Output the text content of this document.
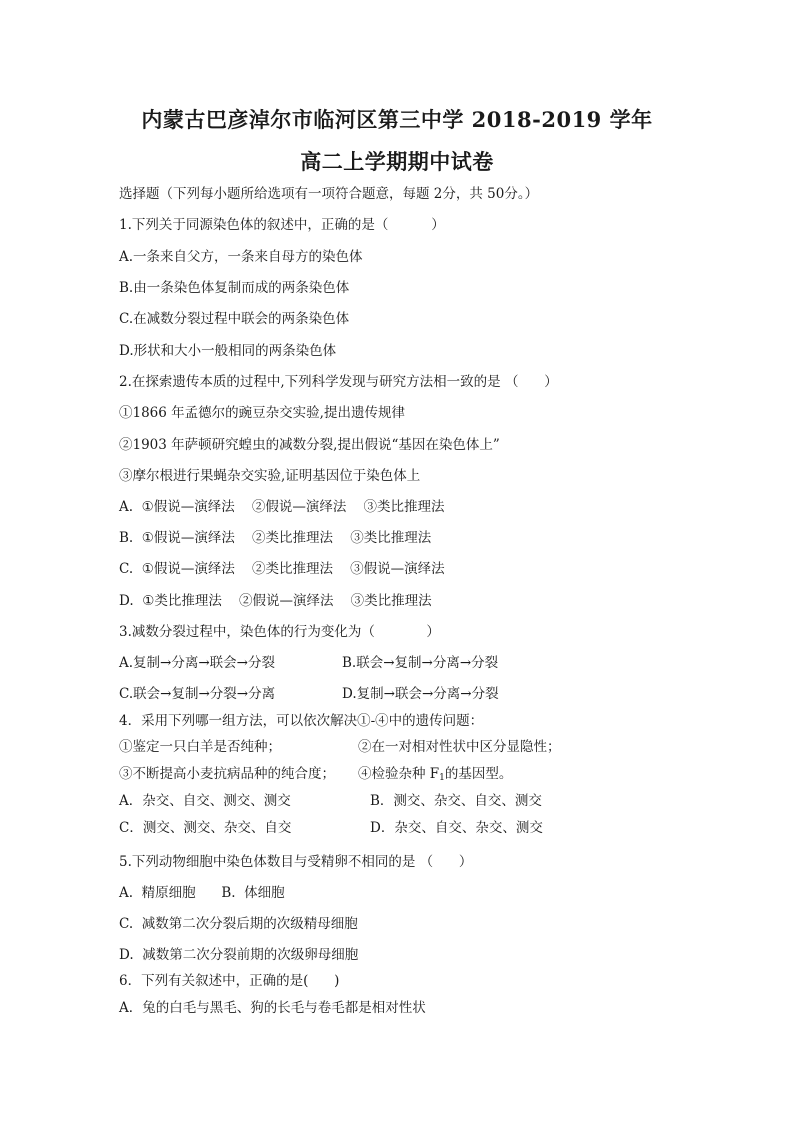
内蒙古巴彦淖尔市临河区第三中学 2018-2019 学年
高二上学期期中试卷
选择题（下列每小题所给选项有一项符合题意，每题 2分，共 50分。）
1.下列关于同源染色体的叙述中，正确的是（          ）
A.一条来自父方，一条来自母方的染色体
B.由一条染色体复制而成的两条染色体
C.在减数分裂过程中联会的两条染色体
D.形状和大小一般相同的两条染色体
2.在探索遗传本质的过程中,下列科学发现与研究方法相一致的是 （      ）
①1866 年孟德尔的豌豆杂交实验,提出遗传规律
②1903 年萨顿研究蝗虫的减数分裂,提出假说“基因在染色体上”
③摩尔根进行果蝇杂交实验,证明基因位于染色体上
A.  ①假说—演绎法    ②假说—演绎法    ③类比推理法
B.  ①假说—演绎法    ②类比推理法    ③类比推理法
C.  ①假说—演绎法    ②类比推理法    ③假说—演绎法
D.  ①类比推理法    ②假说—演绎法    ③类比推理法
3.减数分裂过程中，染色体的行为变化为（            ）
A.复制→分离→联会→分裂	B.联会→复制→分离→分裂
C.联会→复制→分裂→分离	D.复制→联会→分离→分裂
4．采用下列哪一组方法，可以依次解决①-④中的遗传问题：
①鉴定一只白羊是否纯种；	②在一对相对性状中区分显隐性；
③不断提高小麦抗病品种的纯合度； ④检验杂种 $F_1$的基因型。
A．杂交、自交、测交、测交	B．测交、杂交、自交、测交
C．测交、测交、杂交、自交	D．杂交、自交、杂交、测交
5.下列动物细胞中染色体数目与受精卵不相同的是 （      ）
A.  精原细胞      B.  体细胞
C.  减数第二次分裂后期的次级精母细胞
D.  减数第二次分裂前期的次级卵母细胞
6．下列有关叙述中，正确的是(      )
A．兔的白毛与黑毛、狗的长毛与卷毛都是相对性状
